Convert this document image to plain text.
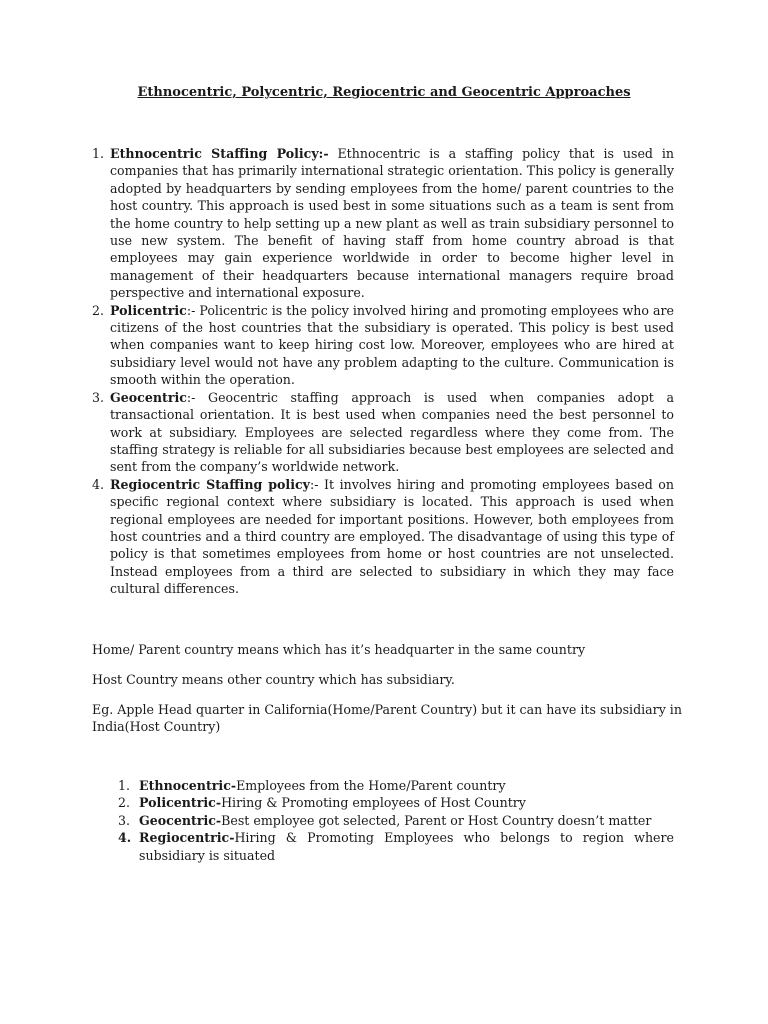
Ethnocentric, Polycentric, Regiocentric and Geocentric Approaches
1. Ethnocentric Staffing Policy:- Ethnocentric is a staffing policy that is used in companies that has primarily international strategic orientation. This policy is generally adopted by headquarters by sending employees from the home/ parent countries to the host country. This approach is used best in some situations such as a team is sent from the home country to help setting up a new plant as well as train subsidiary personnel to use new system. The benefit of having staff from home country abroad is that employees may gain experience worldwide in order to become higher level in management of their headquarters because international managers require broad perspective and international exposure.
2. Policentric:- Policentric is the policy involved hiring and promoting employees who are citizens of the host countries that the subsidiary is operated. This policy is best used when companies want to keep hiring cost low. Moreover, employees who are hired at subsidiary level would not have any problem adapting to the culture. Communication is smooth within the operation.
3. Geocentric:- Geocentric staffing approach is used when companies adopt a transactional orientation. It is best used when companies need the best personnel to work at subsidiary. Employees are selected regardless where they come from. The staffing strategy is reliable for all subsidiaries because best employees are selected and sent from the company’s worldwide network.
4. Regiocentric Staffing policy:- It involves hiring and promoting employees based on specific regional context where subsidiary is located. This approach is used when regional employees are needed for important positions. However, both employees from host countries and a third country are employed. The disadvantage of using this type of policy is that sometimes employees from home or host countries are not unselected. Instead employees from a third are selected to subsidiary in which they may face cultural differences.

Home/ Parent country means which has it’s headquarter in the same country

Host Country means other country which has subsidiary.

Eg. Apple Head quarter in California(Home/Parent Country) but it can have its subsidiary in India(Host Country)

1. Ethnocentric-Employees from the Home/Parent country
2. Policentric-Hiring & Promoting employees of Host Country
3. Geocentric-Best employee got selected, Parent or Host Country doesn’t matter
4. Regiocentric-Hiring & Promoting Employees who belongs to region where subsidiary is situated
